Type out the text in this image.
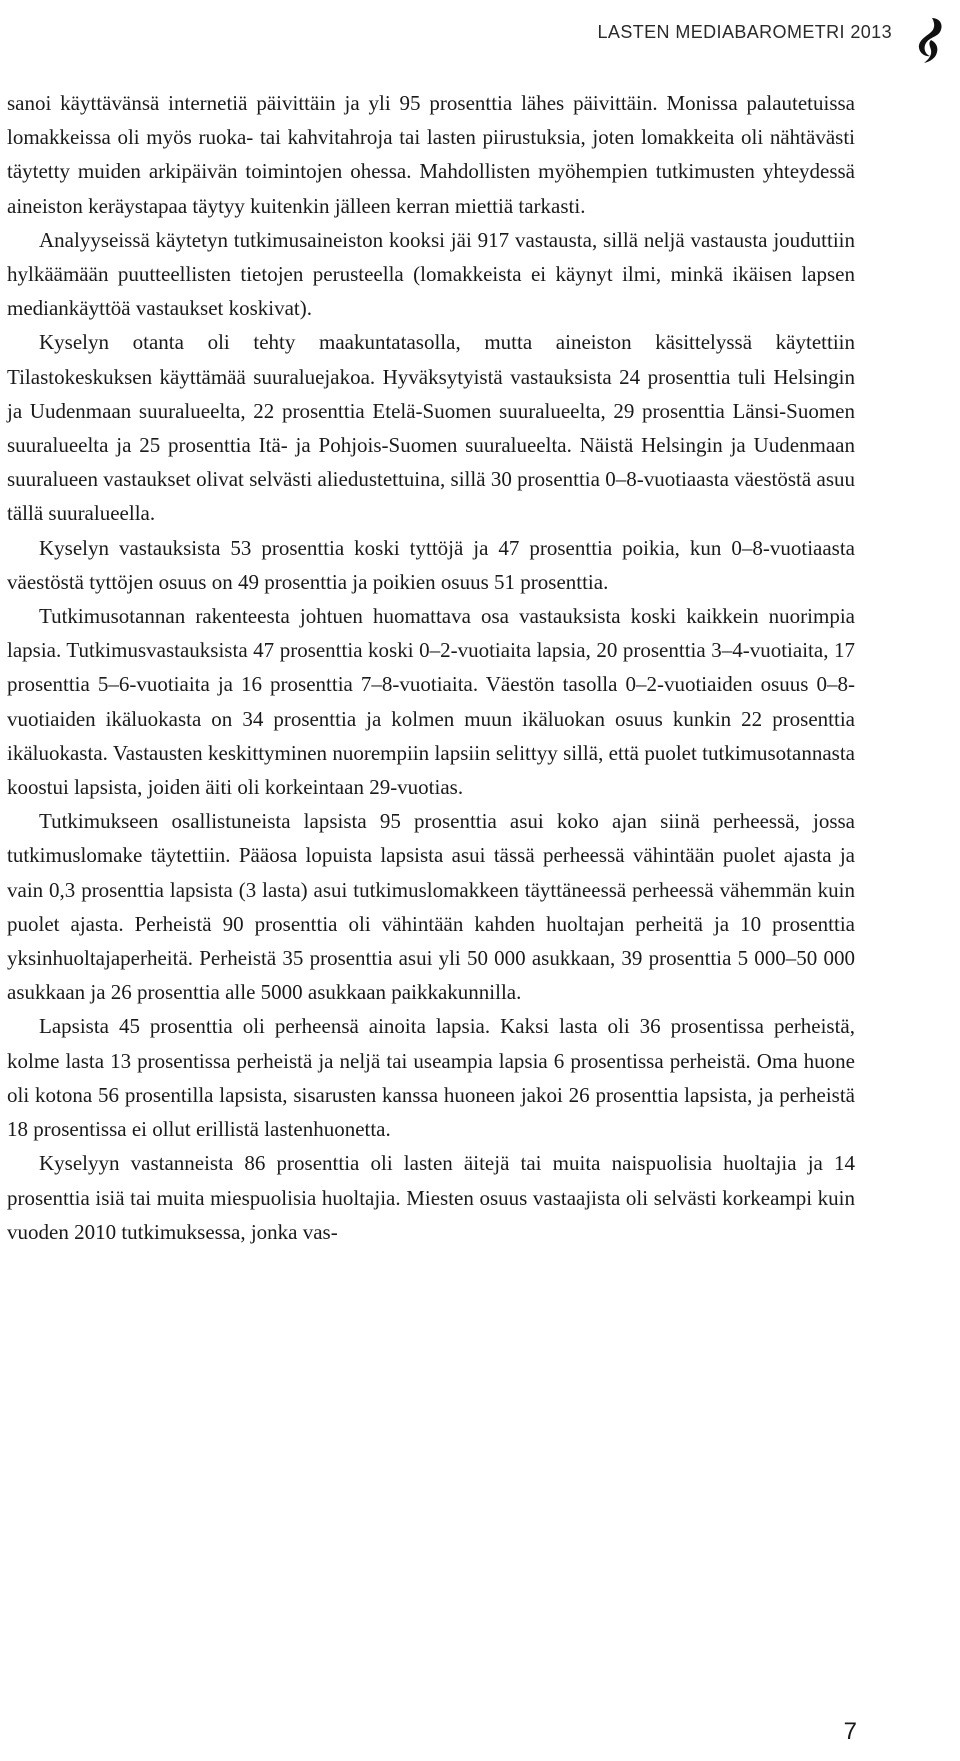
LASTEN MEDIABAROMETRI 2013

sanoi käyttävänsä internetiä päivittäin ja yli 95 prosenttia lähes päivittäin. Monissa palautetuissa lomakkeissa oli myös ruoka- tai kahvitahroja tai lasten piirustuksia, joten lomakkeita oli nähtävästi täytetty muiden arkipäivän toimintojen ohessa. Mahdollisten myöhempien tutkimusten yhteydessä aineiston keräystapaa täytyy kuitenkin jälleen kerran miettiä tarkasti.

Analyyseissä käytetyn tutkimusaineiston kooksi jäi 917 vastausta, sillä neljä vastausta jouduttiin hylkäämään puutteellisten tietojen perusteella (lomakkeista ei käynyt ilmi, minkä ikäisen lapsen mediankäyttöä vastaukset koskivat).

Kyselyn otanta oli tehty maakuntatasolla, mutta aineiston käsittelyssä käytettiin Tilastokeskuksen käyttämää suuraluejakoa. Hyväksytyistä vastauksista 24 prosenttia tuli Helsingin ja Uudenmaan suuralueelta, 22 prosenttia Etelä-Suomen suuralueelta, 29 prosenttia Länsi-Suomen suuralueelta ja 25 prosenttia Itä- ja Pohjois-Suomen suuralueelta. Näistä Helsingin ja Uudenmaan suuralueen vastaukset olivat selvästi aliedustettuina, sillä 30 prosenttia 0–8-vuotiaasta väestöstä asuu tällä suuralueella.

Kyselyn vastauksista 53 prosenttia koski tyttöjä ja 47 prosenttia poikia, kun 0–8-vuotiaasta väestöstä tyttöjen osuus on 49 prosenttia ja poikien osuus 51 prosenttia.

Tutkimusotannan rakenteesta johtuen huomattava osa vastauksista koski kaikkein nuorimpia lapsia. Tutkimusvastauksista 47 prosenttia koski 0–2-vuotiaita lapsia, 20 prosenttia 3–4-vuotiaita, 17 prosenttia 5–6-vuotiaita ja 16 prosenttia 7–8-vuotiaita. Väestön tasolla 0–2-vuotiaiden osuus 0–8-vuotiaiden ikäluokasta on 34 prosenttia ja kolmen muun ikäluokan osuus kunkin 22 prosenttia ikäluokasta. Vastausten keskittyminen nuorempiin lapsiin selittyy sillä, että puolet tutkimusotannasta koostui lapsista, joiden äiti oli korkeintaan 29-vuotias.

Tutkimukseen osallistuneista lapsista 95 prosenttia asui koko ajan siinä perheessä, jossa tutkimuslomake täytettiin. Pääosa lopuista lapsista asui tässä perheessä vähintään puolet ajasta ja vain 0,3 prosenttia lapsista (3 lasta) asui tutkimuslomakkeen täyttäneessä perheessä vähemmän kuin puolet ajasta. Perheistä 90 prosenttia oli vähintään kahden huoltajan perheitä ja 10 prosenttia yksinhuoltajaperheitä. Perheistä 35 prosenttia asui yli 50 000 asukkaan, 39 prosenttia 5 000–50 000 asukkaan ja 26 prosenttia alle 5000 asukkaan paikkakunnilla.

Lapsista 45 prosenttia oli perheensä ainoita lapsia. Kaksi lasta oli 36 prosentissa perheistä, kolme lasta 13 prosentissa perheistä ja neljä tai useampia lapsia 6 prosentissa perheistä. Oma huone oli kotona 56 prosentilla lapsista, sisarusten kanssa huoneen jakoi 26 prosenttia lapsista, ja perheistä 18 prosentissa ei ollut erillistä lastenhuonetta.

Kyselyyn vastanneista 86 prosenttia oli lasten äitejä tai muita naispuolisia huoltajia ja 14 prosenttia isiä tai muita miespuolisia huoltajia. Miesten osuus vastaajista oli selvästi korkeampi kuin vuoden 2010 tutkimuksessa, jonka vas-

7
